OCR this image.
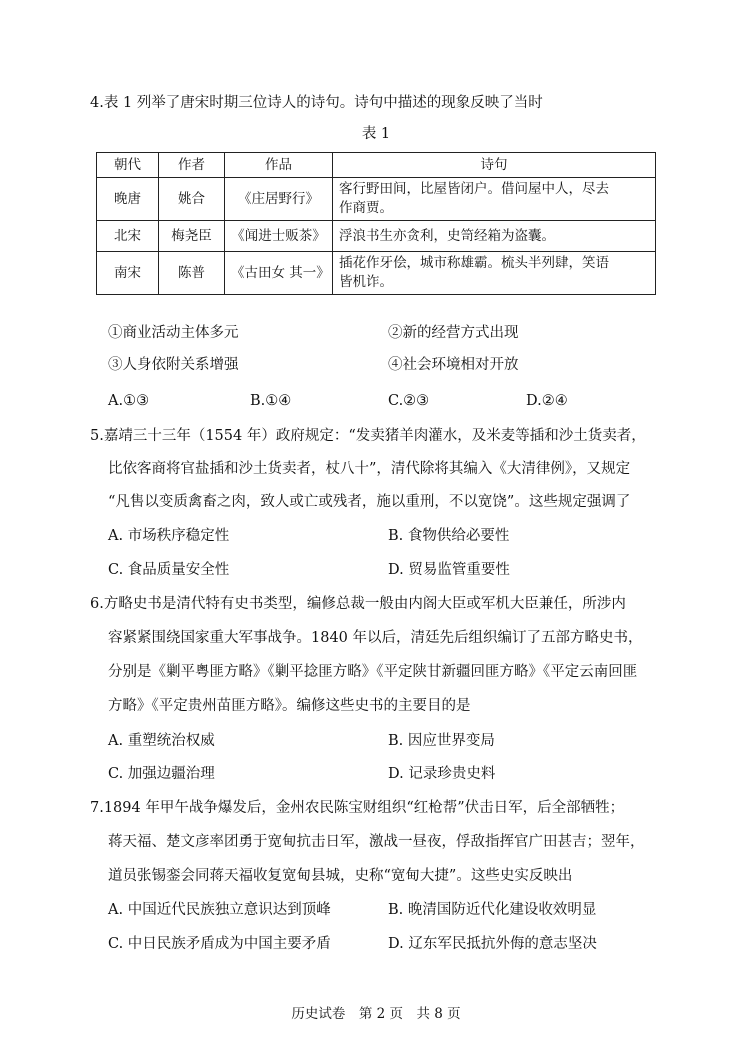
4.表 1 列举了唐宋时期三位诗人的诗句。诗句中描述的现象反映了当时
表 1
朝代	作者	作品	诗句
晚唐	姚合	《庄居野行》	客行野田间，比屋皆闭户。借问屋中人，尽去
作商贾。

北宋	梅尧臣	《闻进士贩茶》	浮浪书生亦贪利，史笥经箱为盗囊。

南宋	陈普	《古田女 其一》	插花作牙侩，城市称雄霸。梳头半列肆，笑语
皆机诈。
①商业活动主体多元	②新的经营方式出现
③人身依附关系增强	④社会环境相对开放
A.①③	B.①④	C.②③	D.②④
5.嘉靖三十三年（1554 年）政府规定：“发卖猪羊肉灌水，及米麦等插和沙土货卖者，
比依客商将官盐插和沙土货卖者，杖八十”，清代除将其编入《大清律例》，又规定
“凡售以变质禽畜之肉，致人或亡或残者，施以重刑，不以宽饶”。这些规定强调了
A. 市场秩序稳定性	B. 食物供给必要性
C. 食品质量安全性	D. 贸易监管重要性
6.方略史书是清代特有史书类型，编修总裁一般由内阁大臣或军机大臣兼任，所涉内
容紧紧围绕国家重大军事战争。1840 年以后，清廷先后组织编订了五部方略史书，
分别是《剿平粤匪方略》《剿平捻匪方略》《平定陕甘新疆回匪方略》《平定云南回匪
方略》《平定贵州苗匪方略》。编修这些史书的主要目的是
A. 重塑统治权威	B. 因应世界变局
C. 加强边疆治理	D. 记录珍贵史料
7.1894 年甲午战争爆发后，金州农民陈宝财组织“红枪帮”伏击日军，后全部牺牲；
蒋天福、楚文彦率团勇于宽甸抗击日军，激战一昼夜，俘敌指挥官广田甚吉；翌年，
道员张锡銮会同蒋天福收复宽甸县城，史称“宽甸大捷”。这些史实反映出
A. 中国近代民族独立意识达到顶峰	B. 晚清国防近代化建设收效明显
C. 中日民族矛盾成为中国主要矛盾	D. 辽东军民抵抗外侮的意志坚决
历史试卷　第 2 页　共 8 页
